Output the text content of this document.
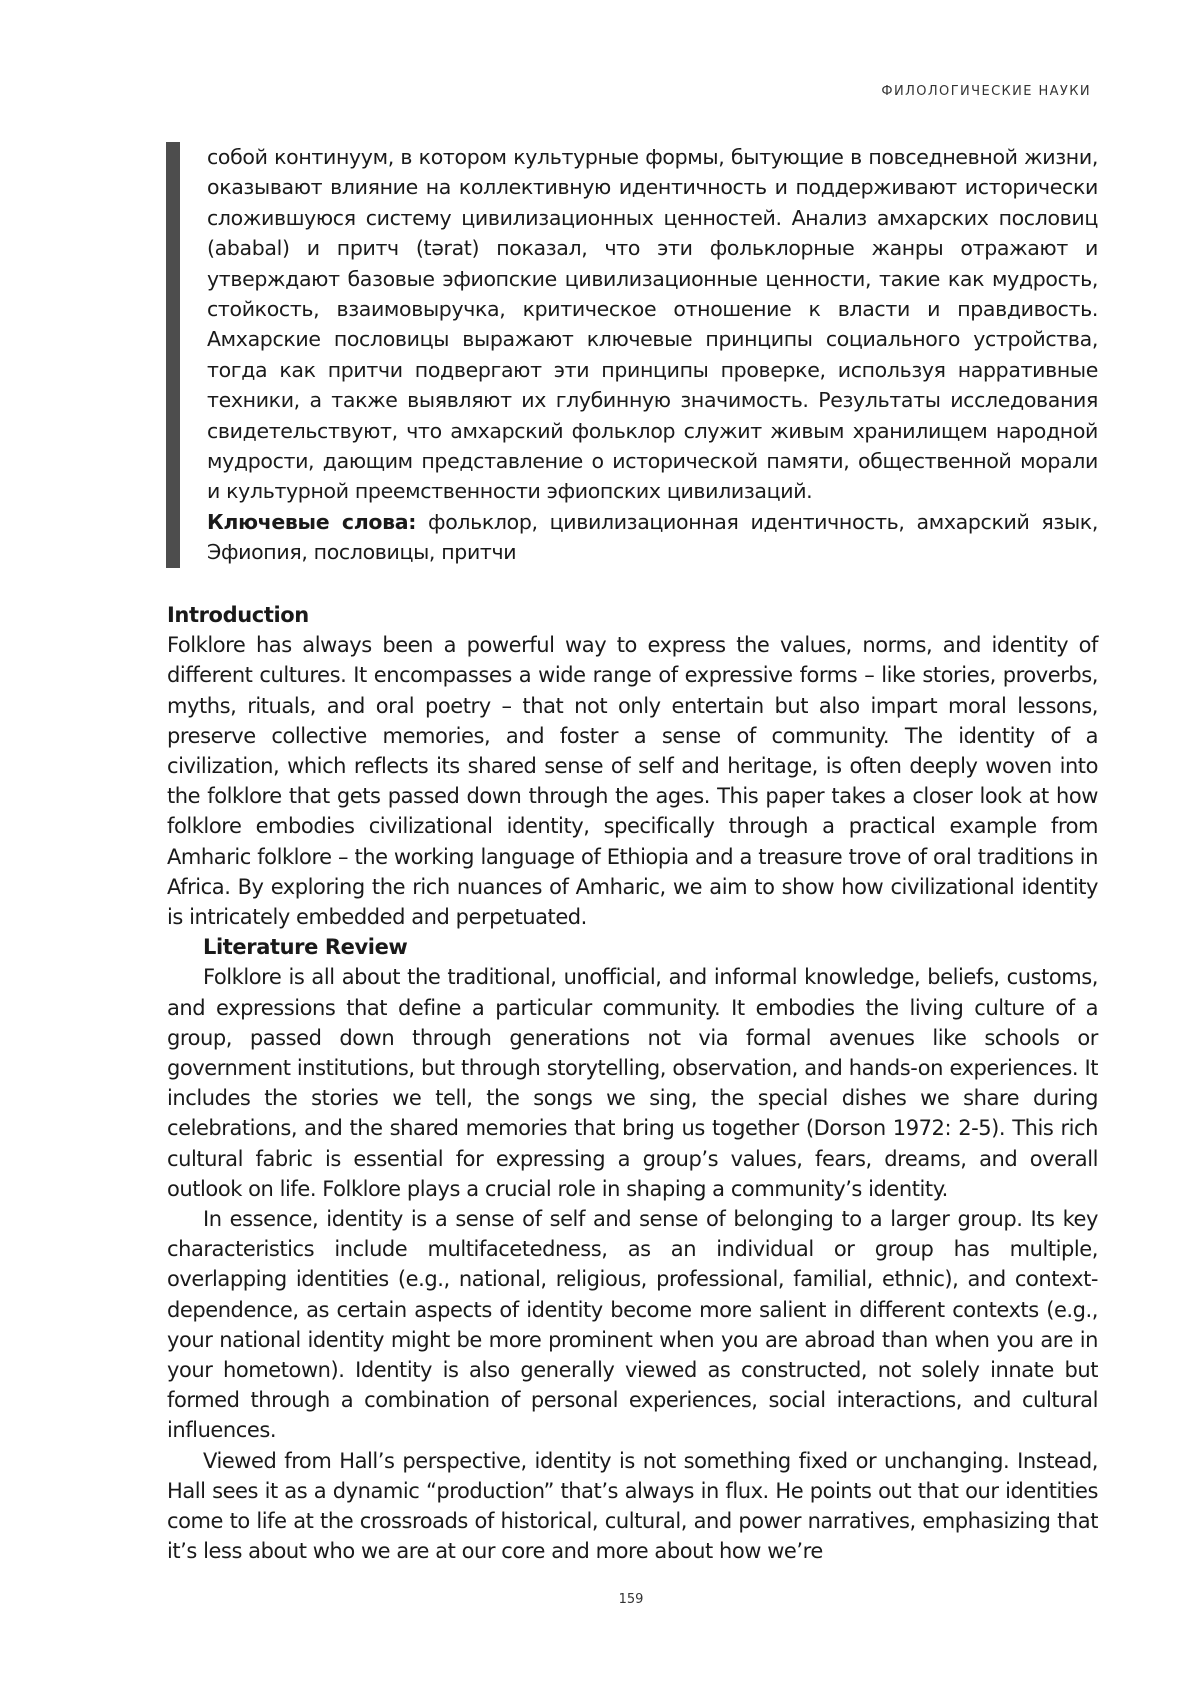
ФИЛОЛОГИЧЕСКИЕ НАУКИ

собой континуум, в котором культурные формы, бытующие в повседневной жизни, оказывают влияние на коллективную идентичность и поддерживают исторически сложившуюся систему цивилизационных ценностей. Анализ амхарских пословиц (ababal) и притч (tərat) показал, что эти фольклорные жанры отражают и утверждают базовые эфиопские цивилизационные ценности, такие как мудрость, стойкость, взаимовыручка, критическое отношение к власти и правдивость. Амхарские пословицы выражают ключевые принципы социального устройства, тогда как притчи подвергают эти принципы проверке, используя нарративные техники, а также выявляют их глубинную значимость. Результаты исследования свидетельствуют, что амхарский фольклор служит живым хранилищем народной мудрости, дающим представление о исторической памяти, общественной морали и культурной преемственности эфиопских цивилизаций.

Ключевые слова: фольклор, цивилизационная идентичность, амхарский язык, Эфиопия, пословицы, притчи

Introduction

Folklore has always been a powerful way to express the values, norms, and identity of different cultures. It encompasses a wide range of expressive forms – like stories, proverbs, myths, rituals, and oral poetry – that not only entertain but also impart moral lessons, preserve collective memories, and foster a sense of community. The identity of a civilization, which reflects its shared sense of self and heritage, is often deeply woven into the folklore that gets passed down through the ages. This paper takes a closer look at how folklore embodies civilizational identity, specifically through a practical example from Amharic folklore – the working language of Ethiopia and a treasure trove of oral traditions in Africa. By exploring the rich nuances of Amharic, we aim to show how civilizational identity is intricately embedded and perpetuated.

Literature Review

Folklore is all about the traditional, unofficial, and informal knowledge, beliefs, customs, and expressions that define a particular community. It embodies the living culture of a group, passed down through generations not via formal avenues like schools or government institutions, but through storytelling, observation, and hands-on experiences. It includes the stories we tell, the songs we sing, the special dishes we share during celebrations, and the shared memories that bring us together (Dorson 1972: 2-5). This rich cultural fabric is essential for expressing a group’s values, fears, dreams, and overall outlook on life. Folklore plays a crucial role in shaping a community’s identity.

In essence, identity is a sense of self and sense of belonging to a larger group. Its key characteristics include multifacetedness, as an individual or group has multiple, overlapping identities (e.g., national, religious, professional, familial, ethnic), and context-dependence, as certain aspects of identity become more salient in different contexts (e.g., your national identity might be more prominent when you are abroad than when you are in your hometown). Identity is also generally viewed as constructed, not solely innate but formed through a combination of personal experiences, social interactions, and cultural influences.

Viewed from Hall’s perspective, identity is not something fixed or unchanging. Instead, Hall sees it as a dynamic “production” that’s always in flux. He points out that our identities come to life at the crossroads of historical, cultural, and power narratives, emphasizing that it’s less about who we are at our core and more about how we’re

159
